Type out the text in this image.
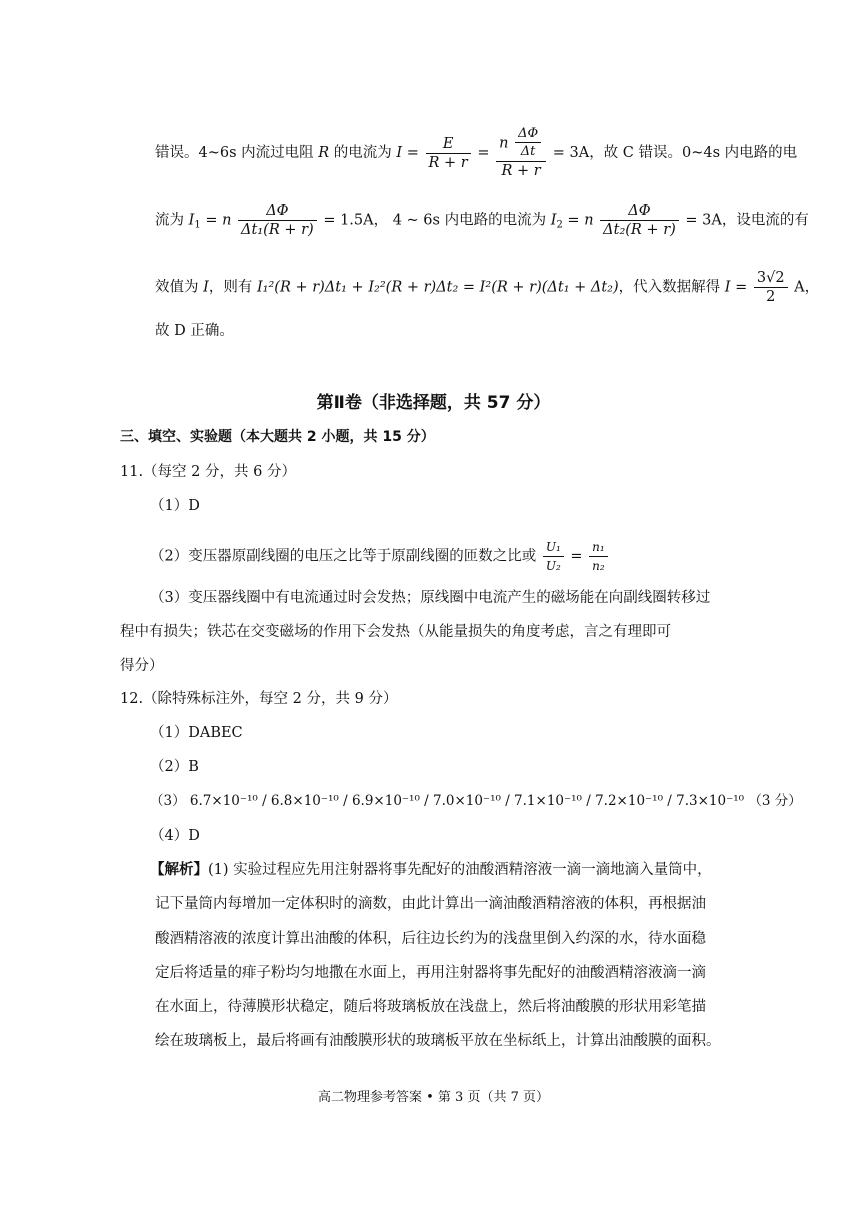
错误。4~6s 内流过电阻 R 的电流为 $I = \frac{E}{R + r} = \frac{n \frac{\Delta\Phi}{\Delta t}}{R + r} = 3A$，故 C 错误。0~4s 内电路的电
流为 $I_1 = n \frac{\Delta\Phi}{\text{Δt₁(R + r)}} = 1.5A$， 4 ~ 6s 内电路的电流为 $I_2 = n \frac{\Delta\Phi}{\text{Δt₂(R + r)}} = 3A$，设电流的有
效值为 I，则有 I₁²(R + r)Δt₁ + I₂²(R + r)Δt₂ = I²(R + r)(Δt₁ + Δt₂)，代入数据解得 $I = \frac{3√2}{2}$ A，
故 D 正确。
第Ⅱ卷（非选择题，共 57 分）
三、填空、实验题（本大题共 2 小题，共 15 分）
11.（每空 2 分，共 6 分）
（1）D
（2）变压器原副线圈的电压之比等于原副线圈的匝数之比或 $\frac{\text{U₁}}{\text{U₂}} = \frac{\text{n₁}}{\text{n₂}}$
（3）变压器线圈中有电流通过时会发热；原线圈中电流产生的磁场能在向副线圈转移过
程中有损失；铁芯在交变磁场的作用下会发热（从能量损失的角度考虑，言之有理即可
得分）
12.（除特殊标注外，每空 2 分，共 9 分）
（1）DABEC
（2）B
（3） 6.7×10⁻¹⁰ / 6.8×10⁻¹⁰ / 6.9×10⁻¹⁰ / 7.0×10⁻¹⁰ / 7.1×10⁻¹⁰ / 7.2×10⁻¹⁰ / 7.3×10⁻¹⁰ （3 分）
（4）D
【解析】(1) 实验过程应先用注射器将事先配好的油酸酒精溶液一滴一滴地滴入量筒中，
记下量筒内每增加一定体积时的滴数，由此计算出一滴油酸酒精溶液的体积，再根据油
酸酒精溶液的浓度计算出油酸的体积，后往边长约为的浅盘里倒入约深的水，待水面稳
定后将适量的痱子粉均匀地撒在水面上，再用注射器将事先配好的油酸酒精溶液滴一滴
在水面上，待薄膜形状稳定，随后将玻璃板放在浅盘上，然后将油酸膜的形状用彩笔描
绘在玻璃板上，最后将画有油酸膜形状的玻璃板平放在坐标纸上，计算出油酸膜的面积。
高二物理参考答案 • 第 3 页（共 7 页）
